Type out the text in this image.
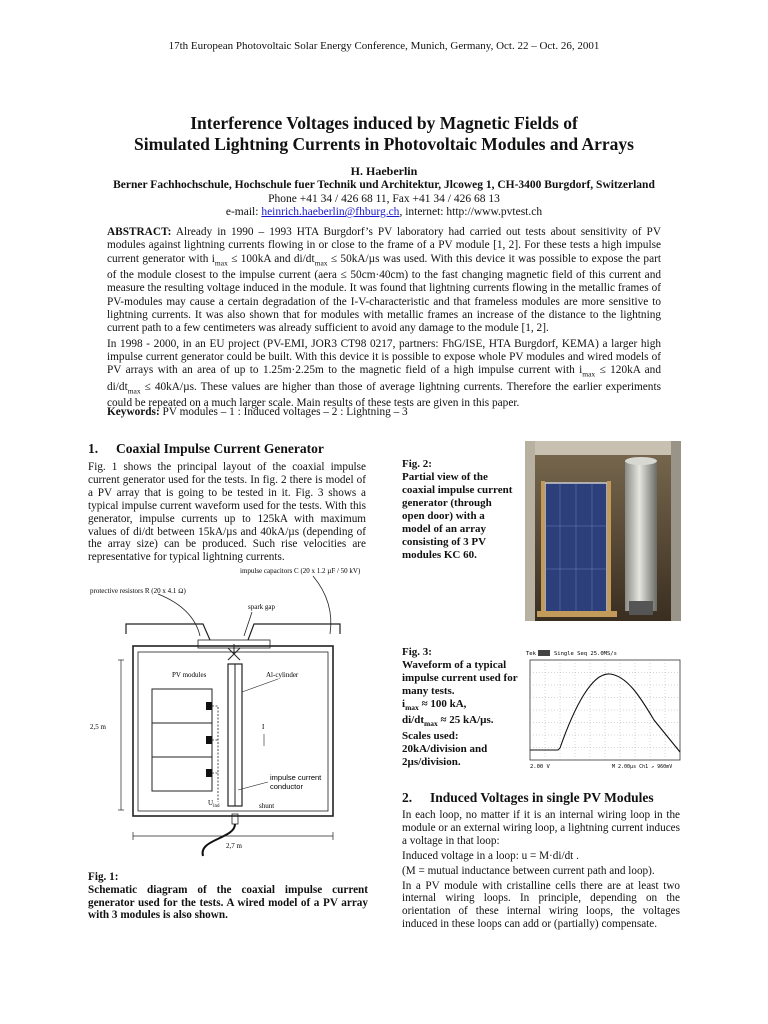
17th European Photovoltaic Solar Energy Conference, Munich, Germany, Oct. 22 – Oct. 26, 2001
Interference Voltages induced by Magnetic Fields of
Simulated Lightning Currents in Photovoltaic Modules and Arrays
H. Haeberlin
Berner Fachhochschule, Hochschule fuer Technik und Architektur, Jlcoweg 1, CH-3400 Burgdorf, Switzerland
Phone +41 34 / 426 68 11, Fax +41 34 / 426 68 13
e-mail: heinrich.haeberlin@fhburg.ch, internet: http://www.pvtest.ch

ABSTRACT: Already in 1990 – 1993 HTA Burgdorf’s PV laboratory had carried out tests about sensitivity of PV modules against lightning currents flowing in or close to the frame of a PV module [1, 2]. For these tests a high impulse current generator with $i_{max} \le 100kA$ and $di/dt_{max} \le 50kA/\mu s$ was used. With this device it was possible to expose the part of the module closest to the impulse current (aera ≤ 50cm·40cm) to the fast changing magnetic field of this current and measure the resulting voltage induced in the module. It was found that lightning currents flowing in the metallic frames of PV-modules may cause a certain degradation of the I-V-characteristic and that frameless modules are more sensitive to lightning currents. It was also shown that for modules with metallic frames an increase of the distance to the lightning current path to a few centimeters was already sufficient to avoid any damage to the module [1, 2].

In 1998 - 2000, in an EU project (PV-EMI, JOR3 CT98 0217, partners: FhG/ISE, HTA Burgdorf, KEMA) a larger high impulse current generator could be built. With this device it is possible to expose whole PV modules and wired models of PV arrays with an area of up to 1.25m·2.25m to the magnetic field of a high impulse current with $i_{max} \le 120kA$ and $di/dt_{max} \le 40kA/\mu s$. These values are higher than those of average lightning currents. Therefore the earlier experiments could be repeated on a much larger scale. Main results of these tests are given in this paper.

Keywords: PV modules – 1 : Induced voltages – 2 : Lightning – 3
1. Coaxial Impulse Current Generator
Fig. 1 shows the principal layout of the coaxial impulse current generator used for the tests. In fig. 2 there is model of a PV array that is going to be tested in it. Fig. 3 shows a typical impulse current waveform used for the tests. With this generator, impulse currents up to 125kA with maximum values of di/dt between 15kA/µs and 40kA/µs (depending of the array size) can be produced. Such rise velocities are representative for typical lightning currents.
impulse capacitors C (20 x 1.2 µF / 50 kV)
protective resistors R (20 x 4.1 Ω)
spark gap
PV modules	Al-cylinder
I
impulse current
conductor
$U_{ind}$	shunt
2,5 m
2,7 m
Fig. 1:
Schematic diagram of the coaxial impulse current generator used for the tests. A wired model of a PV array with 3 modules is also shown.
Fig. 2:
Partial view of the coaxial impulse current generator (through open door) with a model of an array consisting of 3 PV modules KC 60.
Fig. 3:
Waveform of a typical impulse current used for many tests.
$i_{max} \approx 100$ kA,
$di/dt_{max} \approx 25$ kA/µs.
Scales used: 20kA/division and 2µs/division.
Tek	Single Seq 25.0MS/s
2.00 V	M 2.00µs Ch1 ↗ 960mV
2. Induced Voltages in single PV Modules

In each loop, no matter if it is an internal wiring loop in the module or an external wiring loop, a lightning current induces a voltage in that loop:

Induced voltage in a loop: u = M·di/dt .

(M = mutual inductance between current path and loop).

In a PV module with cristalline cells there are at least two internal wiring loops. In principle, depending on the orientation of these internal wiring loops, the voltages induced in these loops can add or (partially) compensate.
